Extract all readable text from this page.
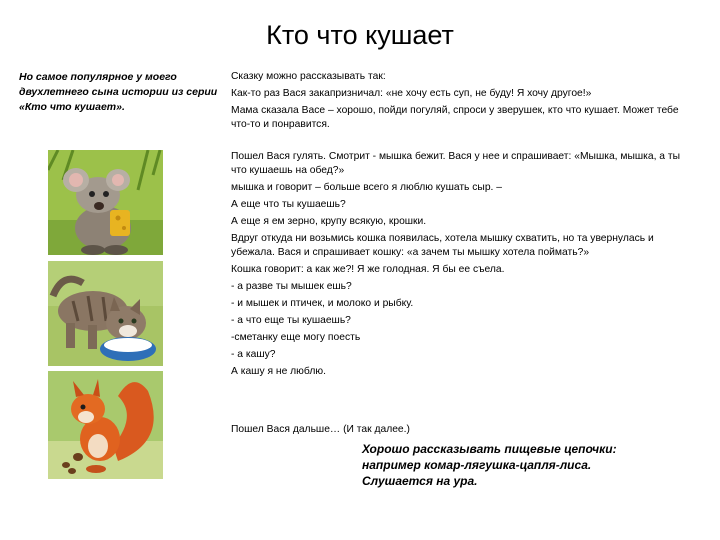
Кто что кушает
Но самое популярное у моего двухлетнего сына истории из серии «Кто что кушает».

Сказку можно рассказывать так:

Как-то раз Вася закапризничал: «не хочу есть суп, не буду! Я хочу другое!»

Мама сказала Васе – хорошо, пойди погуляй, спроси у зверушек, кто что кушает. Может тебе что-то и понравится.

Пошел Вася гулять. Смотрит - мышка бежит. Вася у нее и спрашивает: «Мышка, мышка, а ты что кушаешь на обед?»

мышка и говорит – больше всего я люблю кушать сыр. –

А еще что ты кушаешь?

А еще я ем зерно, крупу всякую, крошки.

Вдруг откуда ни возьмись кошка появилась, хотела мышку схватить, но та увернулась и убежала. Вася и спрашивает кошку: «а зачем ты мышку хотела поймать?»

Кошка говорит: а как же?! Я же голодная. Я бы ее съела.

- а разве ты мышек ешь?

- и мышек и птичек, и молоко и рыбку.

- а что еще ты кушаешь?

-сметанку еще могу поесть

- а кашу?

А кашу я не люблю.

Пошел Вася дальше… (И так далее.)

Хорошо рассказывать пищевые цепочки:

например комар-лягушка-цапля-лиса.

Слушается на ура.
